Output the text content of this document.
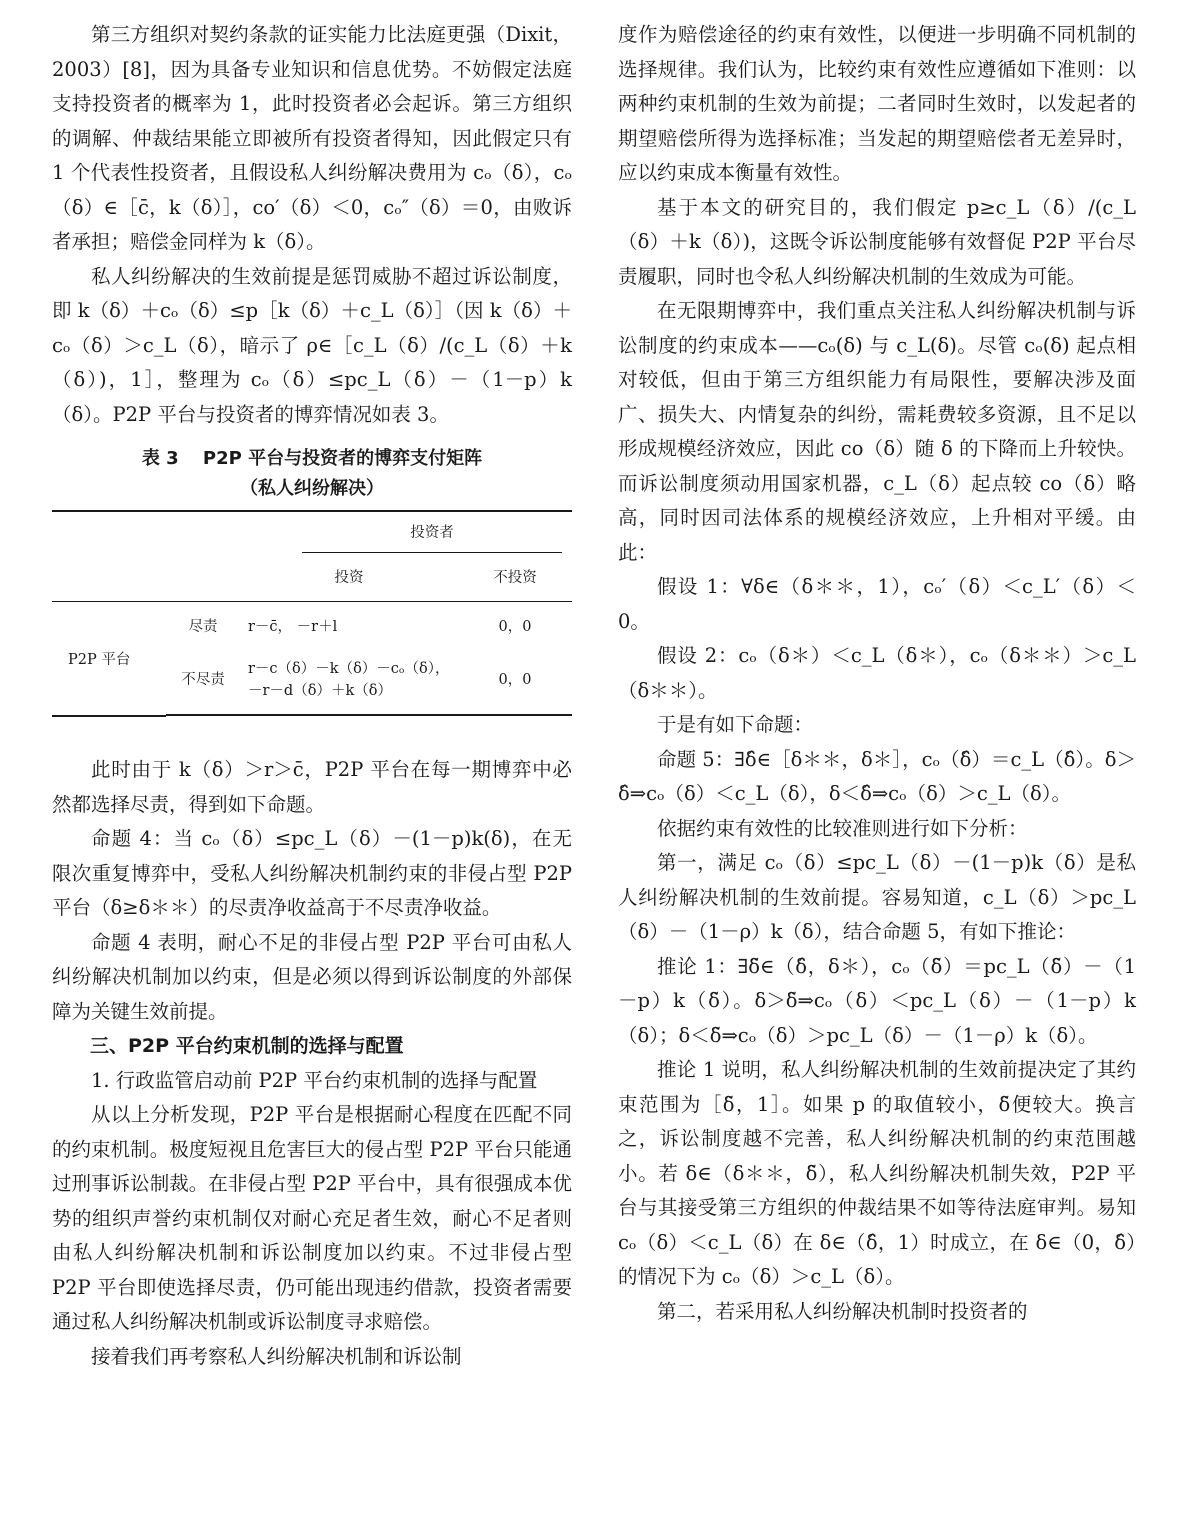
第三方组织对契约条款的证实能力比法庭更强（Dixit，2003）[8]，因为具备专业知识和信息优势。不妨假定法庭支持投资者的概率为 1，此时投资者必会起诉。第三方组织的调解、仲裁结果能立即被所有投资者得知，因此假定只有 1 个代表性投资者，且假设私人纠纷解决费用为 cₒ（δ），cₒ（δ）∈［c̄，k（δ）］，co′（δ）＜0，cₒ″（δ）＝0，由败诉者承担；赔偿金同样为 k（δ）。

私人纠纷解决的生效前提是惩罚威胁不超过诉讼制度，即 k（δ）＋cₒ（δ）≤p［k（δ）＋c_L（δ）］（因 k（δ）＋cₒ（δ）＞c_L（δ），暗示了 ρ∈［c_L（δ）/(c_L（δ）＋k（δ）)，1］，整理为 cₒ（δ）≤pc_L（δ）－（1－p）k（δ）。P2P 平台与投资者的博弈情况如表 3。

表 3　 P2P 平台与投资者的博弈支付矩阵

（私人纠纷解决）

		投资者	

		投资	不投资
P2P 平台	尽责	r－c̄， －r＋l	0，0
	不尽责	r－c（δ）－k（δ）－cₒ（δ），
－r－d（δ）＋k（δ）	0，0

此时由于 k（δ）＞r＞c̄，P2P 平台在每一期博弈中必然都选择尽责，得到如下命题。

命题 4：当 cₒ（δ）≤pc_L（δ）－(1－p)k(δ)，在无限次重复博弈中，受私人纠纷解决机制约束的非侵占型 P2P 平台（δ≥δ＊＊）的尽责净收益高于不尽责净收益。

命题 4 表明，耐心不足的非侵占型 P2P 平台可由私人纠纷解决机制加以约束，但是必须以得到诉讼制度的外部保障为关键生效前提。

三、P2P 平台约束机制的选择与配置

1. 行政监管启动前 P2P 平台约束机制的选择与配置

从以上分析发现，P2P 平台是根据耐心程度在匹配不同的约束机制。极度短视且危害巨大的侵占型 P2P 平台只能通过刑事诉讼制裁。在非侵占型 P2P 平台中，具有很强成本优势的组织声誉约束机制仅对耐心充足者生效，耐心不足者则由私人纠纷解决机制和诉讼制度加以约束。不过非侵占型 P2P 平台即使选择尽责，仍可能出现违约借款，投资者需要通过私人纠纷解决机制或诉讼制度寻求赔偿。

接着我们再考察私人纠纷解决机制和诉讼制

度作为赔偿途径的约束有效性，以便进一步明确不同机制的选择规律。我们认为，比较约束有效性应遵循如下准则：以两种约束机制的生效为前提；二者同时生效时，以发起者的期望赔偿所得为选择标准；当发起的期望赔偿者无差异时，应以约束成本衡量有效性。

基于本文的研究目的，我们假定 p≥c_L（δ）/(c_L（δ）＋k（δ）)，这既令诉讼制度能够有效督促 P2P 平台尽责履职，同时也令私人纠纷解决机制的生效成为可能。

在无限期博弈中，我们重点关注私人纠纷解决机制与诉讼制度的约束成本——cₒ(δ) 与 c_L(δ)。尽管 cₒ(δ) 起点相对较低，但由于第三方组织能力有局限性，要解决涉及面广、损失大、内情复杂的纠纷，需耗费较多资源，且不足以形成规模经济效应，因此 co（δ）随 δ 的下降而上升较快。而诉讼制度须动用国家机器，c_L（δ）起点较 co（δ）略高，同时因司法体系的规模经济效应，上升相对平缓。由此：

假设 1：∀δ∈（δ＊＊，1），cₒ′（δ）＜c_L′（δ）＜0。

假设 2：cₒ（δ＊）＜c_L（δ＊），cₒ（δ＊＊）＞c_L（δ＊＊）。

于是有如下命题：

命题 5：∃δ̂∈［δ＊＊，δ＊］，cₒ（δ̂）＝c_L（δ̂）。δ＞δ̂⇒cₒ（δ）＜c_L（δ），δ＜δ̂⇒cₒ（δ）＞c_L（δ）。

依据约束有效性的比较准则进行如下分析：

第一，满足 cₒ（δ）≤pc_L（δ）－(1－p)k（δ）是私人纠纷解决机制的生效前提。容易知道，c_L（δ）＞pc_L（δ）－（1－ρ）k（δ），结合命题 5，有如下推论：

推论 1：∃δ̃∈（δ̂，δ＊），cₒ（δ̃）＝pc_L（δ̃）－（1－p）k（δ̃）。δ＞δ̃⇒cₒ（δ）＜pc_L（δ）－（1－p）k（δ）；δ＜δ̃⇒cₒ（δ）＞pc_L（δ）－（1－ρ）k（δ）。

推论 1 说明，私人纠纷解决机制的生效前提决定了其约束范围为［δ̃，1］。如果 p 的取值较小，δ̃便较大。换言之，诉讼制度越不完善，私人纠纷解决机制的约束范围越小。若 δ∈（δ＊＊，δ̃），私人纠纷解决机制失效，P2P 平台与其接受第三方组织的仲裁结果不如等待法庭审判。易知 cₒ（δ）＜c_L（δ）在 δ∈（δ̂，1）时成立，在 δ∈（0，δ̂）的情况下为 cₒ（δ）＞c_L（δ）。

第二，若采用私人纠纷解决机制时投资者的
